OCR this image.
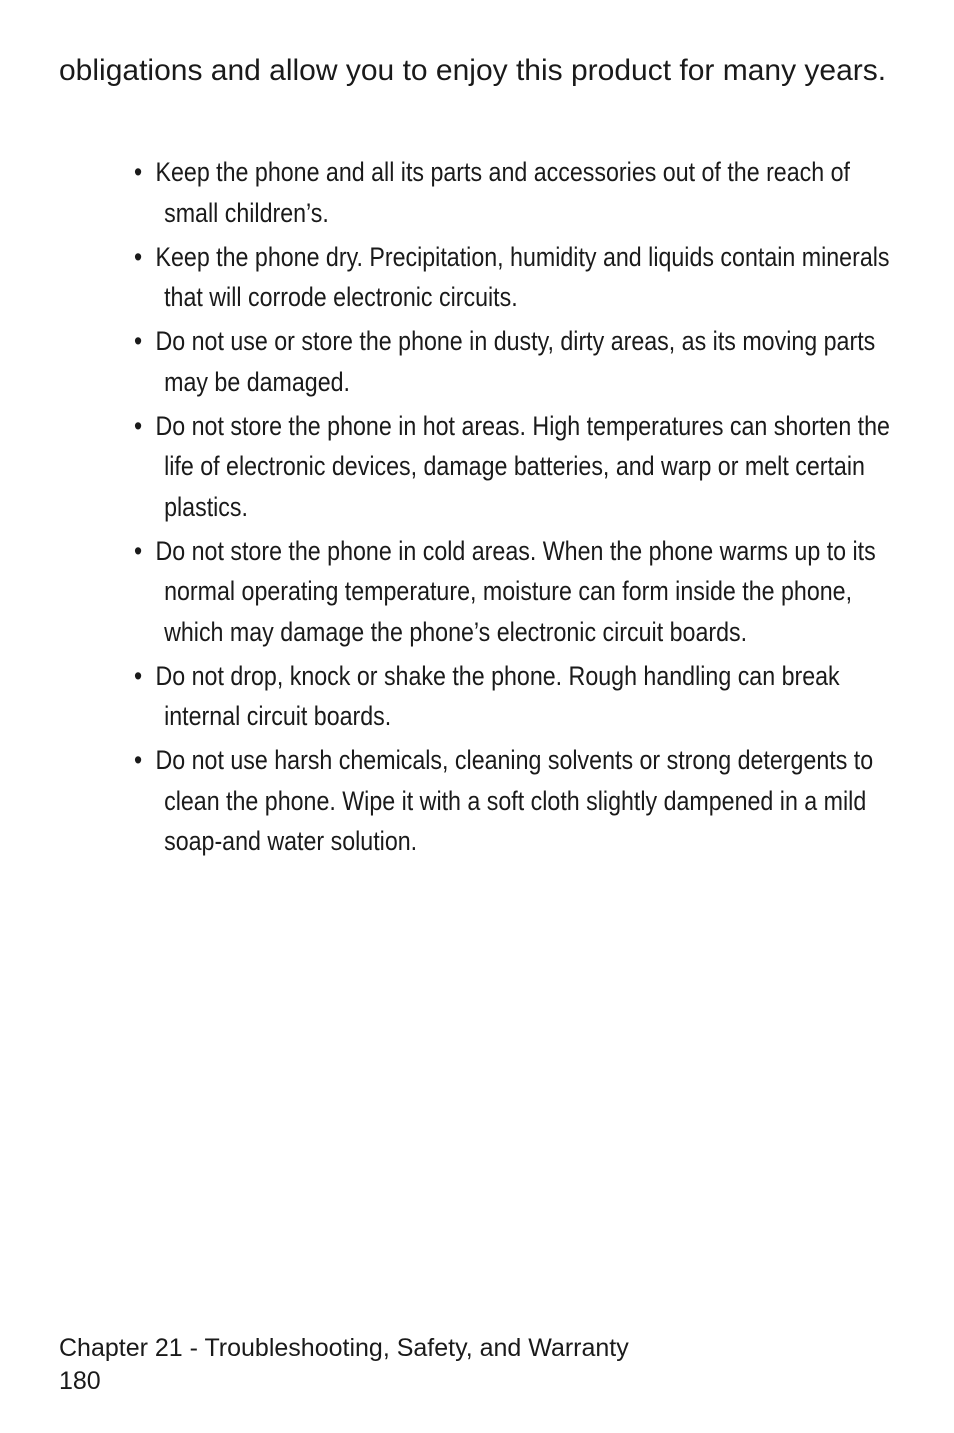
obligations and allow you to enjoy this product for many years.

• Keep the phone and all its parts and accessories out of the reach of small children’s.
• Keep the phone dry. Precipitation, humidity and liquids contain minerals that will corrode electronic circuits.
• Do not use or store the phone in dusty, dirty areas, as its moving parts may be damaged.
• Do not store the phone in hot areas. High temperatures can shorten the life of electronic devices, damage batteries, and warp or melt certain plastics.
• Do not store the phone in cold areas. When the phone warms up to its normal operating temperature, moisture can form inside the phone, which may damage the phone’s electronic circuit boards.
• Do not drop, knock or shake the phone. Rough handling can break internal circuit boards.
• Do not use harsh chemicals, cleaning solvents or strong detergents to clean the phone. Wipe it with a soft cloth slightly dampened in a mild soap-and water solution.
Chapter 21 - Troubleshooting, Safety, and Warranty
180
